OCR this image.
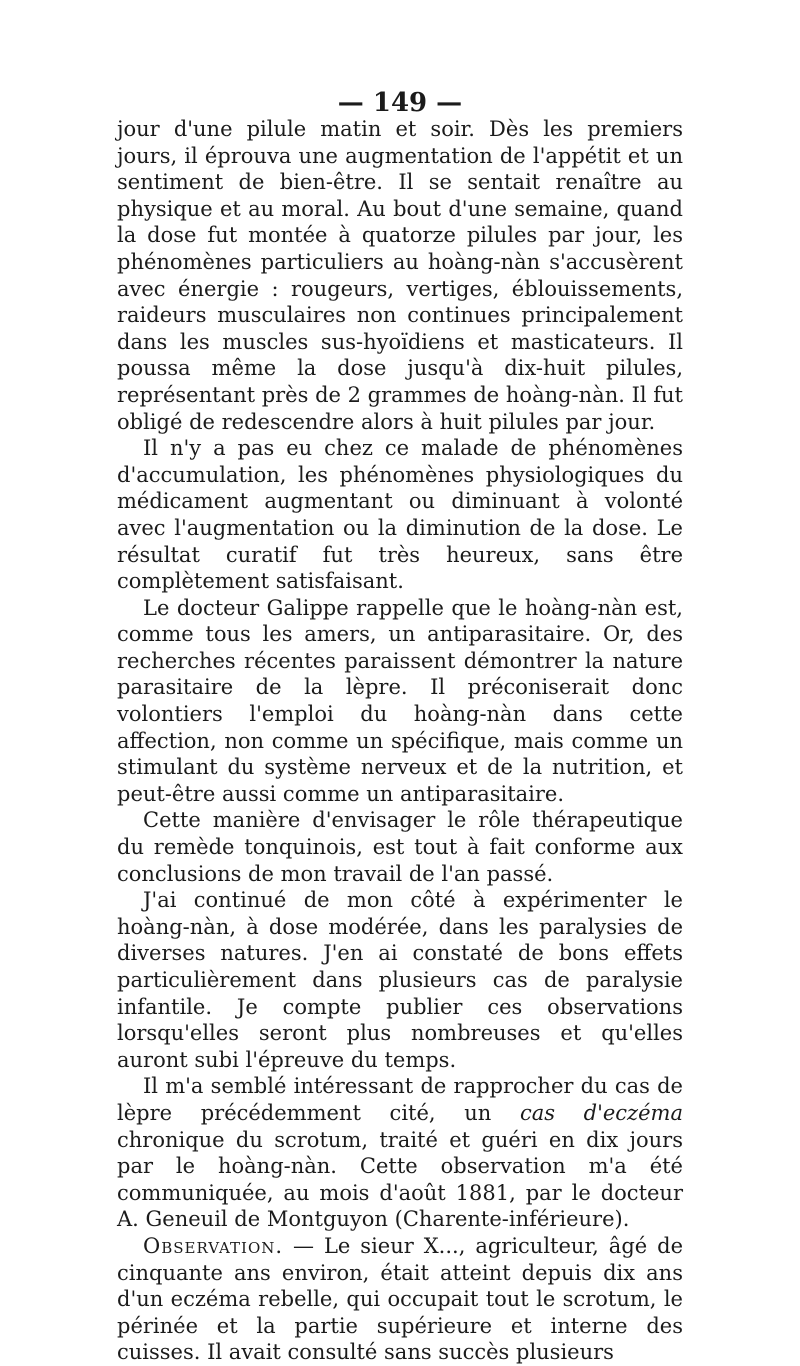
— 149 —

jour d'une pilule matin et soir. Dès les premiers jours, il éprouva une augmentation de l'appétit et un sentiment de bien-être. Il se sentait renaître au physique et au moral. Au bout d'une semaine, quand la dose fut montée à quatorze pilules par jour, les phénomènes particuliers au hoàng-nàn s'accusèrent avec énergie : rougeurs, vertiges, éblouissements, raideurs musculaires non continues principalement dans les muscles sus-hyoïdiens et masticateurs. Il poussa même la dose jusqu'à dix-huit pilules, représentant près de 2 grammes de hoàng-nàn. Il fut obligé de redescendre alors à huit pilules par jour.

Il n'y a pas eu chez ce malade de phénomènes d'accumulation, les phénomènes physiologiques du médicament augmentant ou diminuant à volonté avec l'augmentation ou la diminution de la dose. Le résultat curatif fut très heureux, sans être complètement satisfaisant.

Le docteur Galippe rappelle que le hoàng-nàn est, comme tous les amers, un antiparasitaire. Or, des recherches récentes paraissent démontrer la nature parasitaire de la lèpre. Il préconiserait donc volontiers l'emploi du hoàng-nàn dans cette affection, non comme un spécifique, mais comme un stimulant du système nerveux et de la nutrition, et peut-être aussi comme un antiparasitaire.

Cette manière d'envisager le rôle thérapeutique du remède tonquinois, est tout à fait conforme aux conclusions de mon travail de l'an passé.

J'ai continué de mon côté à expérimenter le hoàng-nàn, à dose modérée, dans les paralysies de diverses natures. J'en ai constaté de bons effets particulièrement dans plusieurs cas de paralysie infantile. Je compte publier ces observations lorsqu'elles seront plus nombreuses et qu'elles auront subi l'épreuve du temps.

Il m'a semblé intéressant de rapprocher du cas de lèpre précédemment cité, un cas d'eczéma chronique du scrotum, traité et guéri en dix jours par le hoàng-nàn. Cette observation m'a été communiquée, au mois d'août 1881, par le docteur A. Geneuil de Montguyon (Charente-inférieure).

Observation. — Le sieur X..., agriculteur, âgé de cinquante ans environ, était atteint depuis dix ans d'un eczéma rebelle, qui occupait tout le scrotum, le périnée et la partie supérieure et interne des cuisses. Il avait consulté sans succès plusieurs
